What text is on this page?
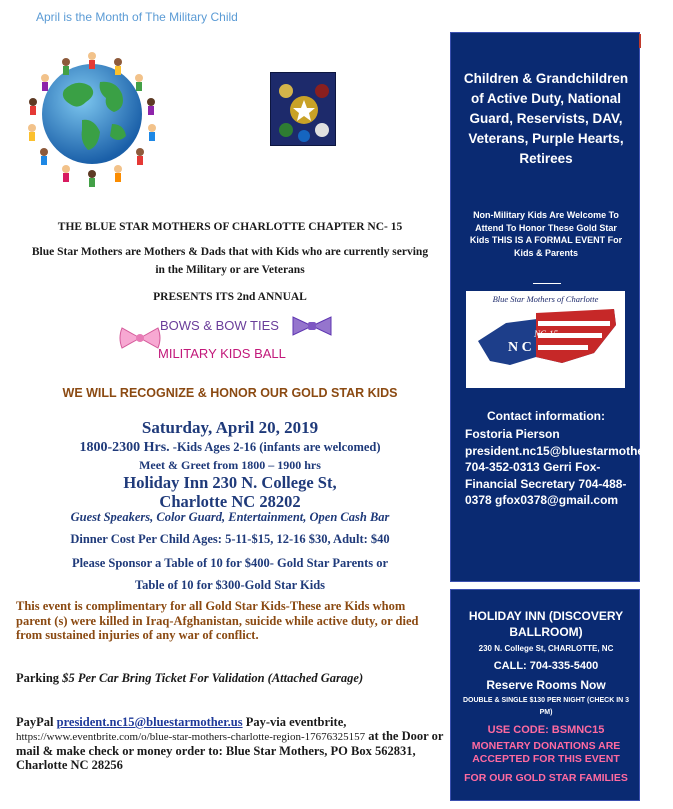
April is the Month of The Military Child
THE BLUE STAR MOTHERS OF CHARLOTTE CHAPTER NC- 15
Blue Star Mothers are Mothers & Dads that with Kids who are currently serving in the Military or are Veterans
PRESENTS ITS 2nd ANNUAL
BOWS & BOW TIES
MILITARY KIDS BALL
WE WILL RECOGNIZE & HONOR OUR GOLD STAR KIDS
Saturday, April 20, 2019
1800-2300 Hrs. -Kids Ages 2-16 (infants are welcomed)
Meet & Greet from 1800 – 1900 hrs
Holiday Inn 230 N. College St,
Charlotte NC 28202
Guest Speakers, Color Guard, Entertainment, Open Cash Bar
Dinner Cost Per Child Ages: 5-11-$15, 12-16 $30, Adult: $40
Please Sponsor a Table of 10 for $400- Gold Star Parents or
Table of 10 for $300-Gold Star Kids
This event is complimentary for all Gold Star Kids-These are Kids whom parent (s) were killed in Iraq-Afghanistan, suicide while active duty, or died from sustained injuries of any war of conflict.
Parking $5 Per Car Bring Ticket For Validation (Attached Garage)
PayPal president.nc15@bluestarmother.us Pay-via eventbrite, https://www.eventbrite.com/o/blue-star-mothers-charlotte-region-17676325157 at the Door or mail & make check or money order to: Blue Star Mothers, PO Box 562831, Charlotte NC 28256
Children & Grandchildren of Active Duty, National Guard, Reservists, DAV, Veterans, Purple Hearts, Retirees
Non-Military Kids Are Welcome To Attend To Honor These Gold Star Kids THIS IS A FORMAL EVENT For Kids & Parents
Blue Star Mothers of Charlotte
N C
NC-15
Contact information:
Fostoria Pierson president.nc15@bluestarmothers.us 704-352-0313 Gerri Fox-Financial Secretary 704-488-0378 gfox0378@gmail.com
HOLIDAY INN (DISCOVERY BALLROOM)
230 N. College St, CHARLOTTE, NC
CALL: 704-335-5400
Reserve Rooms Now
DOUBLE & SINGLE $130 PER NIGHT (CHECK IN 3 PM)
USE CODE: BSMNC15
MONETARY DONATIONS ARE ACCEPTED FOR THIS EVENT
FOR OUR GOLD STAR FAMILIES
